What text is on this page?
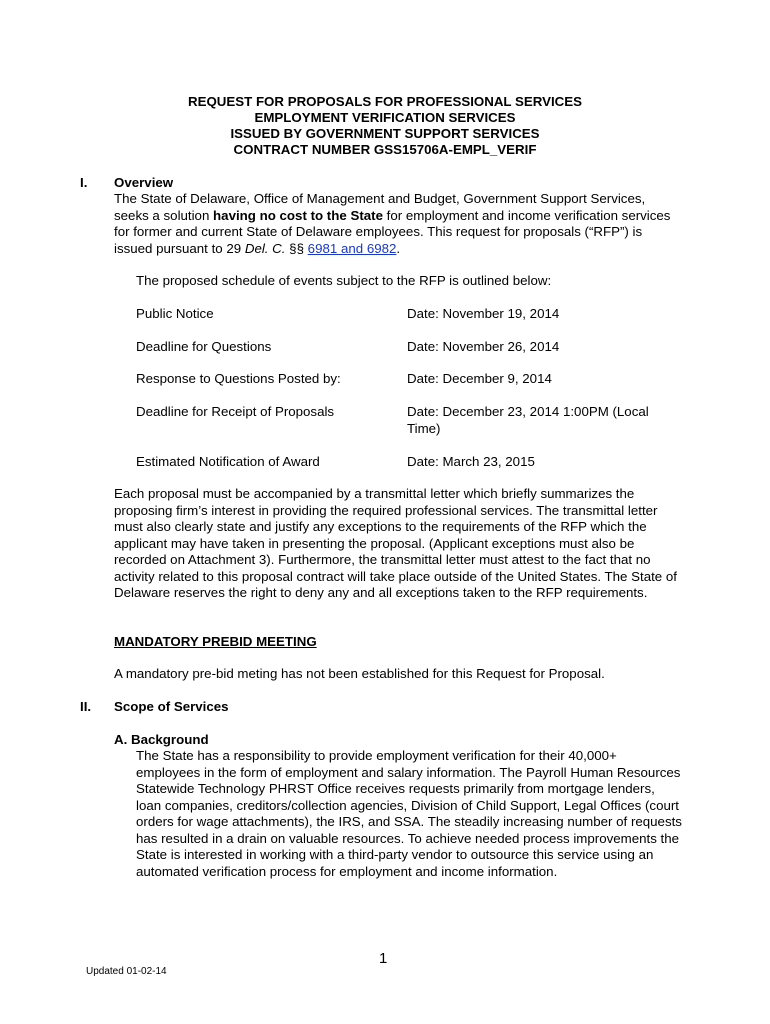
REQUEST FOR PROPOSALS FOR PROFESSIONAL SERVICES
EMPLOYMENT VERIFICATION SERVICES
ISSUED BY GOVERNMENT SUPPORT SERVICES
CONTRACT NUMBER GSS15706A-EMPL_VERIF
I. Overview
The State of Delaware, Office of Management and Budget, Government Support Services, seeks a solution having no cost to the State for employment and income verification services for former and current State of Delaware employees. This request for proposals (“RFP”) is issued pursuant to 29 Del. C. §§ 6981 and 6982.
The proposed schedule of events subject to the RFP is outlined below:
Public Notice	Date: November 19, 2014
Deadline for Questions	Date: November 26, 2014
Response to Questions Posted by:	Date: December 9, 2014
Deadline for Receipt of Proposals	Date: December 23, 2014 1:00PM (Local Time)
Estimated Notification of Award	Date: March 23, 2015
Each proposal must be accompanied by a transmittal letter which briefly summarizes the proposing firm’s interest in providing the required professional services. The transmittal letter must also clearly state and justify any exceptions to the requirements of the RFP which the applicant may have taken in presenting the proposal. (Applicant exceptions must also be recorded on Attachment 3). Furthermore, the transmittal letter must attest to the fact that no activity related to this proposal contract will take place outside of the United States. The State of Delaware reserves the right to deny any and all exceptions taken to the RFP requirements.
MANDATORY PREBID MEETING
A mandatory pre-bid meting has not been established for this Request for Proposal.
II. Scope of Services
A. Background
The State has a responsibility to provide employment verification for their 40,000+ employees in the form of employment and salary information. The Payroll Human Resources Statewide Technology PHRST Office receives requests primarily from mortgage lenders, loan companies, creditors/collection agencies, Division of Child Support, Legal Offices (court orders for wage attachments), the IRS, and SSA. The steadily increasing number of requests has resulted in a drain on valuable resources. To achieve needed process improvements the State is interested in working with a third-party vendor to outsource this service using an automated verification process for employment and income information.
1
Updated 01-02-14
